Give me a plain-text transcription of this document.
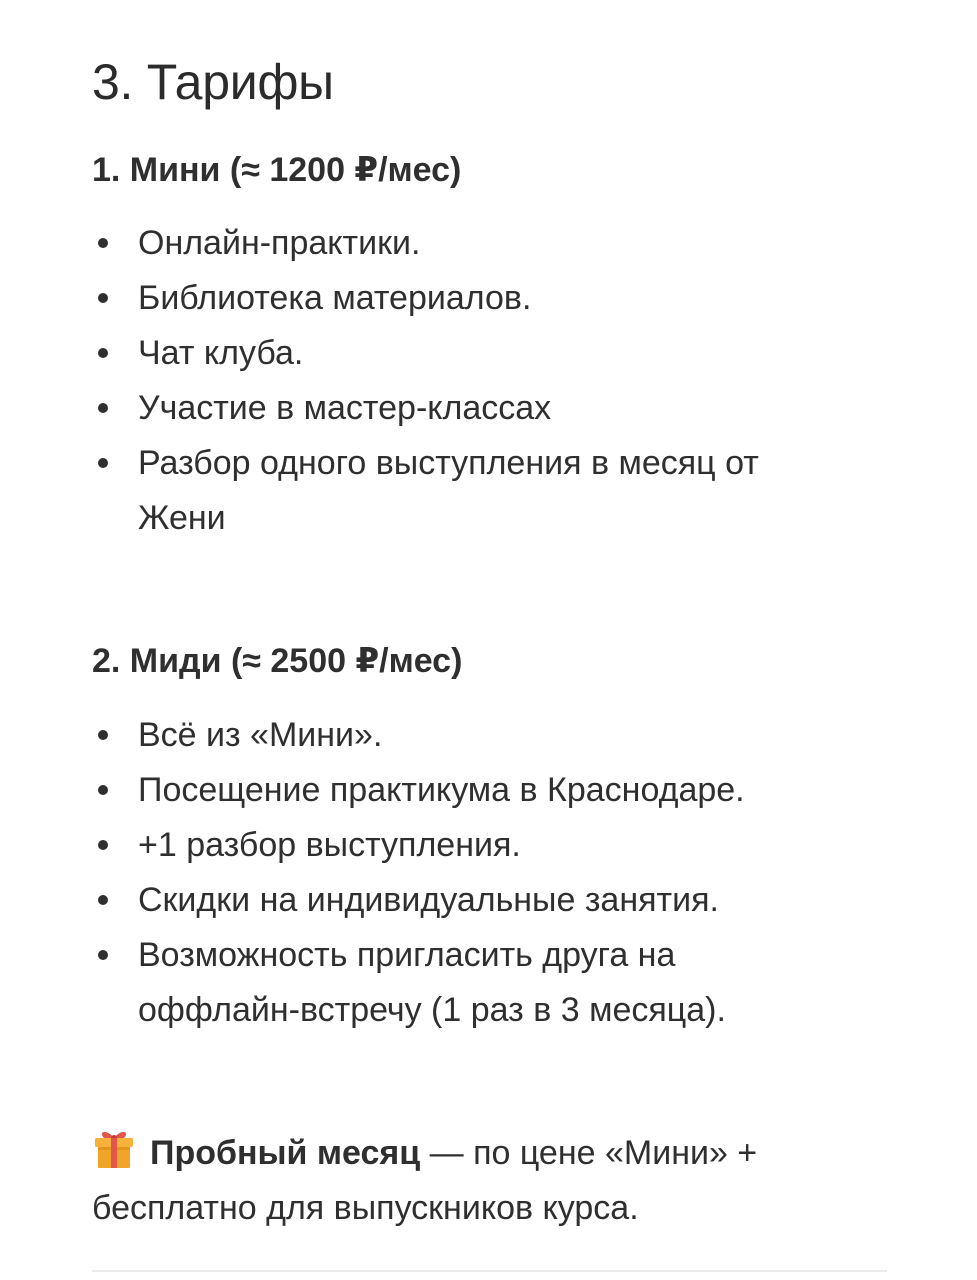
3. Тарифы
1. Мини (≈ 1200 ₽/мес)
Онлайн-практики.
Библиотека материалов.
Чат клуба.
Участие в мастер-классах
Разбор одного выступления в месяц от Жени
2. Миди (≈ 2500 ₽/мес)
Всё из «Мини».
Посещение практикума в Краснодаре.
+1 разбор выступления.
Скидки на индивидуальные занятия.
Возможность пригласить друга на оффлайн-встречу (1 раз в 3 месяца).

Пробный месяц — по цене «Мини» + бесплатно для выпускников курса.
